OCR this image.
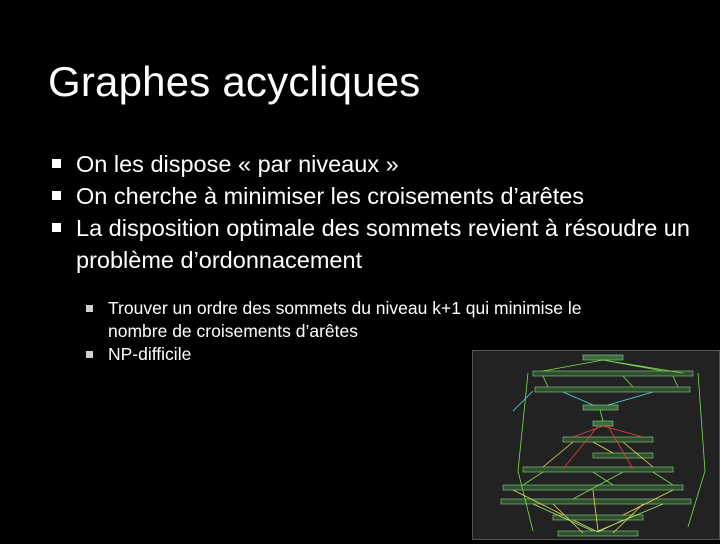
Graphes acycliques
On les dispose « par niveaux »
On cherche à minimiser les croisements d’arêtes
La disposition optimale des sommets revient à résoudre un problème d’ordonnacement
Trouver un ordre des sommets du niveau k+1 qui minimise le nombre de croisements d’arêtes
NP-difficile
